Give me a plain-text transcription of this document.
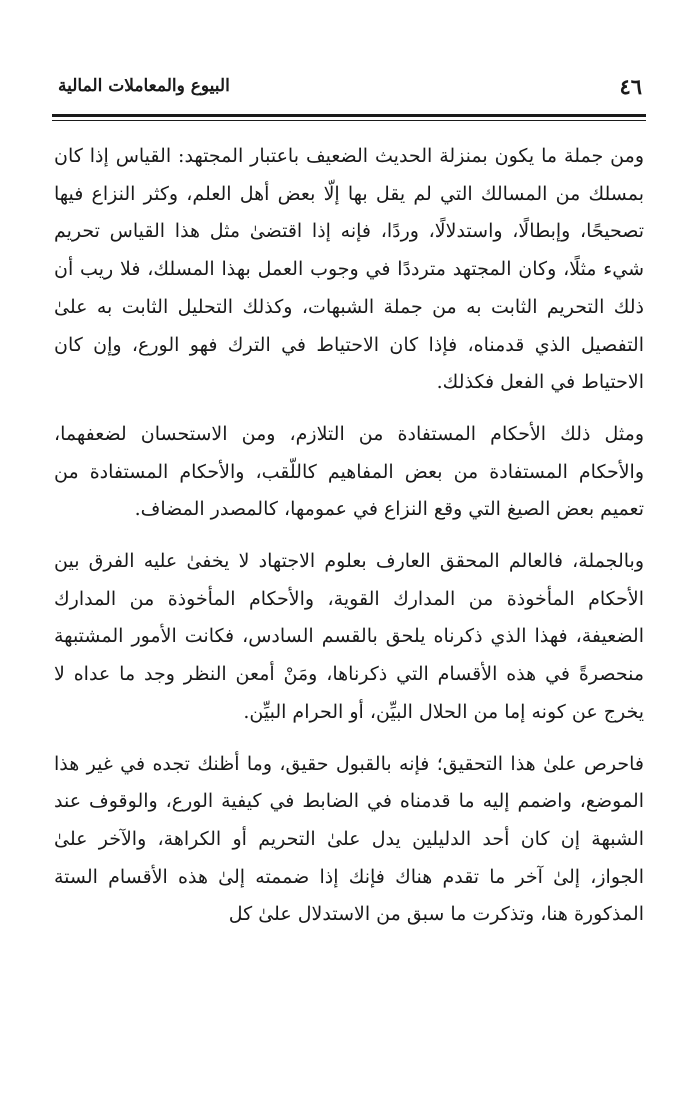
٤٦
البيوع والمعاملات المالية

ومن جملة ما يكون بمنزلة الحديث الضعيف باعتبار المجتهد: القياس إذا كان بمسلك من المسالك التي لم يقل بها إلّا بعض أهل العلم، وكثر النزاع فيها تصحيحًا، وإبطالًا، واستدلالًا، وردًا، فإنه إذا اقتضىٰ مثل هذا القياس تحريم شيء مثلًا، وكان المجتهد مترددًا في وجوب العمل بهذا المسلك، فلا ريب أن ذلك التحريم الثابت به من جملة الشبهات، وكذلك التحليل الثابت به علىٰ التفصيل الذي قدمناه، فإذا كان الاحتياط في الترك فهو الورع، وإن كان الاحتياط في الفعل فكذلك.

ومثل ذلك الأحكام المستفادة من التلازم، ومن الاستحسان لضعفهما، والأحكام المستفادة من بعض المفاهيم كاللّقب، والأحكام المستفادة من تعميم بعض الصيغ التي وقع النزاع في عمومها، كالمصدر المضاف.

وبالجملة، فالعالم المحقق العارف بعلوم الاجتهاد لا يخفىٰ عليه الفرق بين الأحكام المأخوذة من المدارك القوية، والأحكام المأخوذة من المدارك الضعيفة، فهذا الذي ذكرناه يلحق بالقسم السادس، فكانت الأمور المشتبهة منحصرةً في هذه الأقسام التي ذكرناها، ومَنْ أمعن النظر وجد ما عداه لا يخرج عن كونه إما من الحلال البيِّن، أو الحرام البيِّن.

فاحرص علىٰ هذا التحقيق؛ فإنه بالقبول حقيق، وما أظنك تجده في غير هذا الموضع، واضمم إليه ما قدمناه في الضابط في كيفية الورع، والوقوف عند الشبهة إن كان أحد الدليلين يدل علىٰ التحريم أو الكراهة، والآخر علىٰ الجواز، إلىٰ آخر ما تقدم هناك فإنك إذا ضممته إلىٰ هذه الأقسام الستة المذكورة هنا، وتذكرت ما سبق من الاستدلال علىٰ كل
